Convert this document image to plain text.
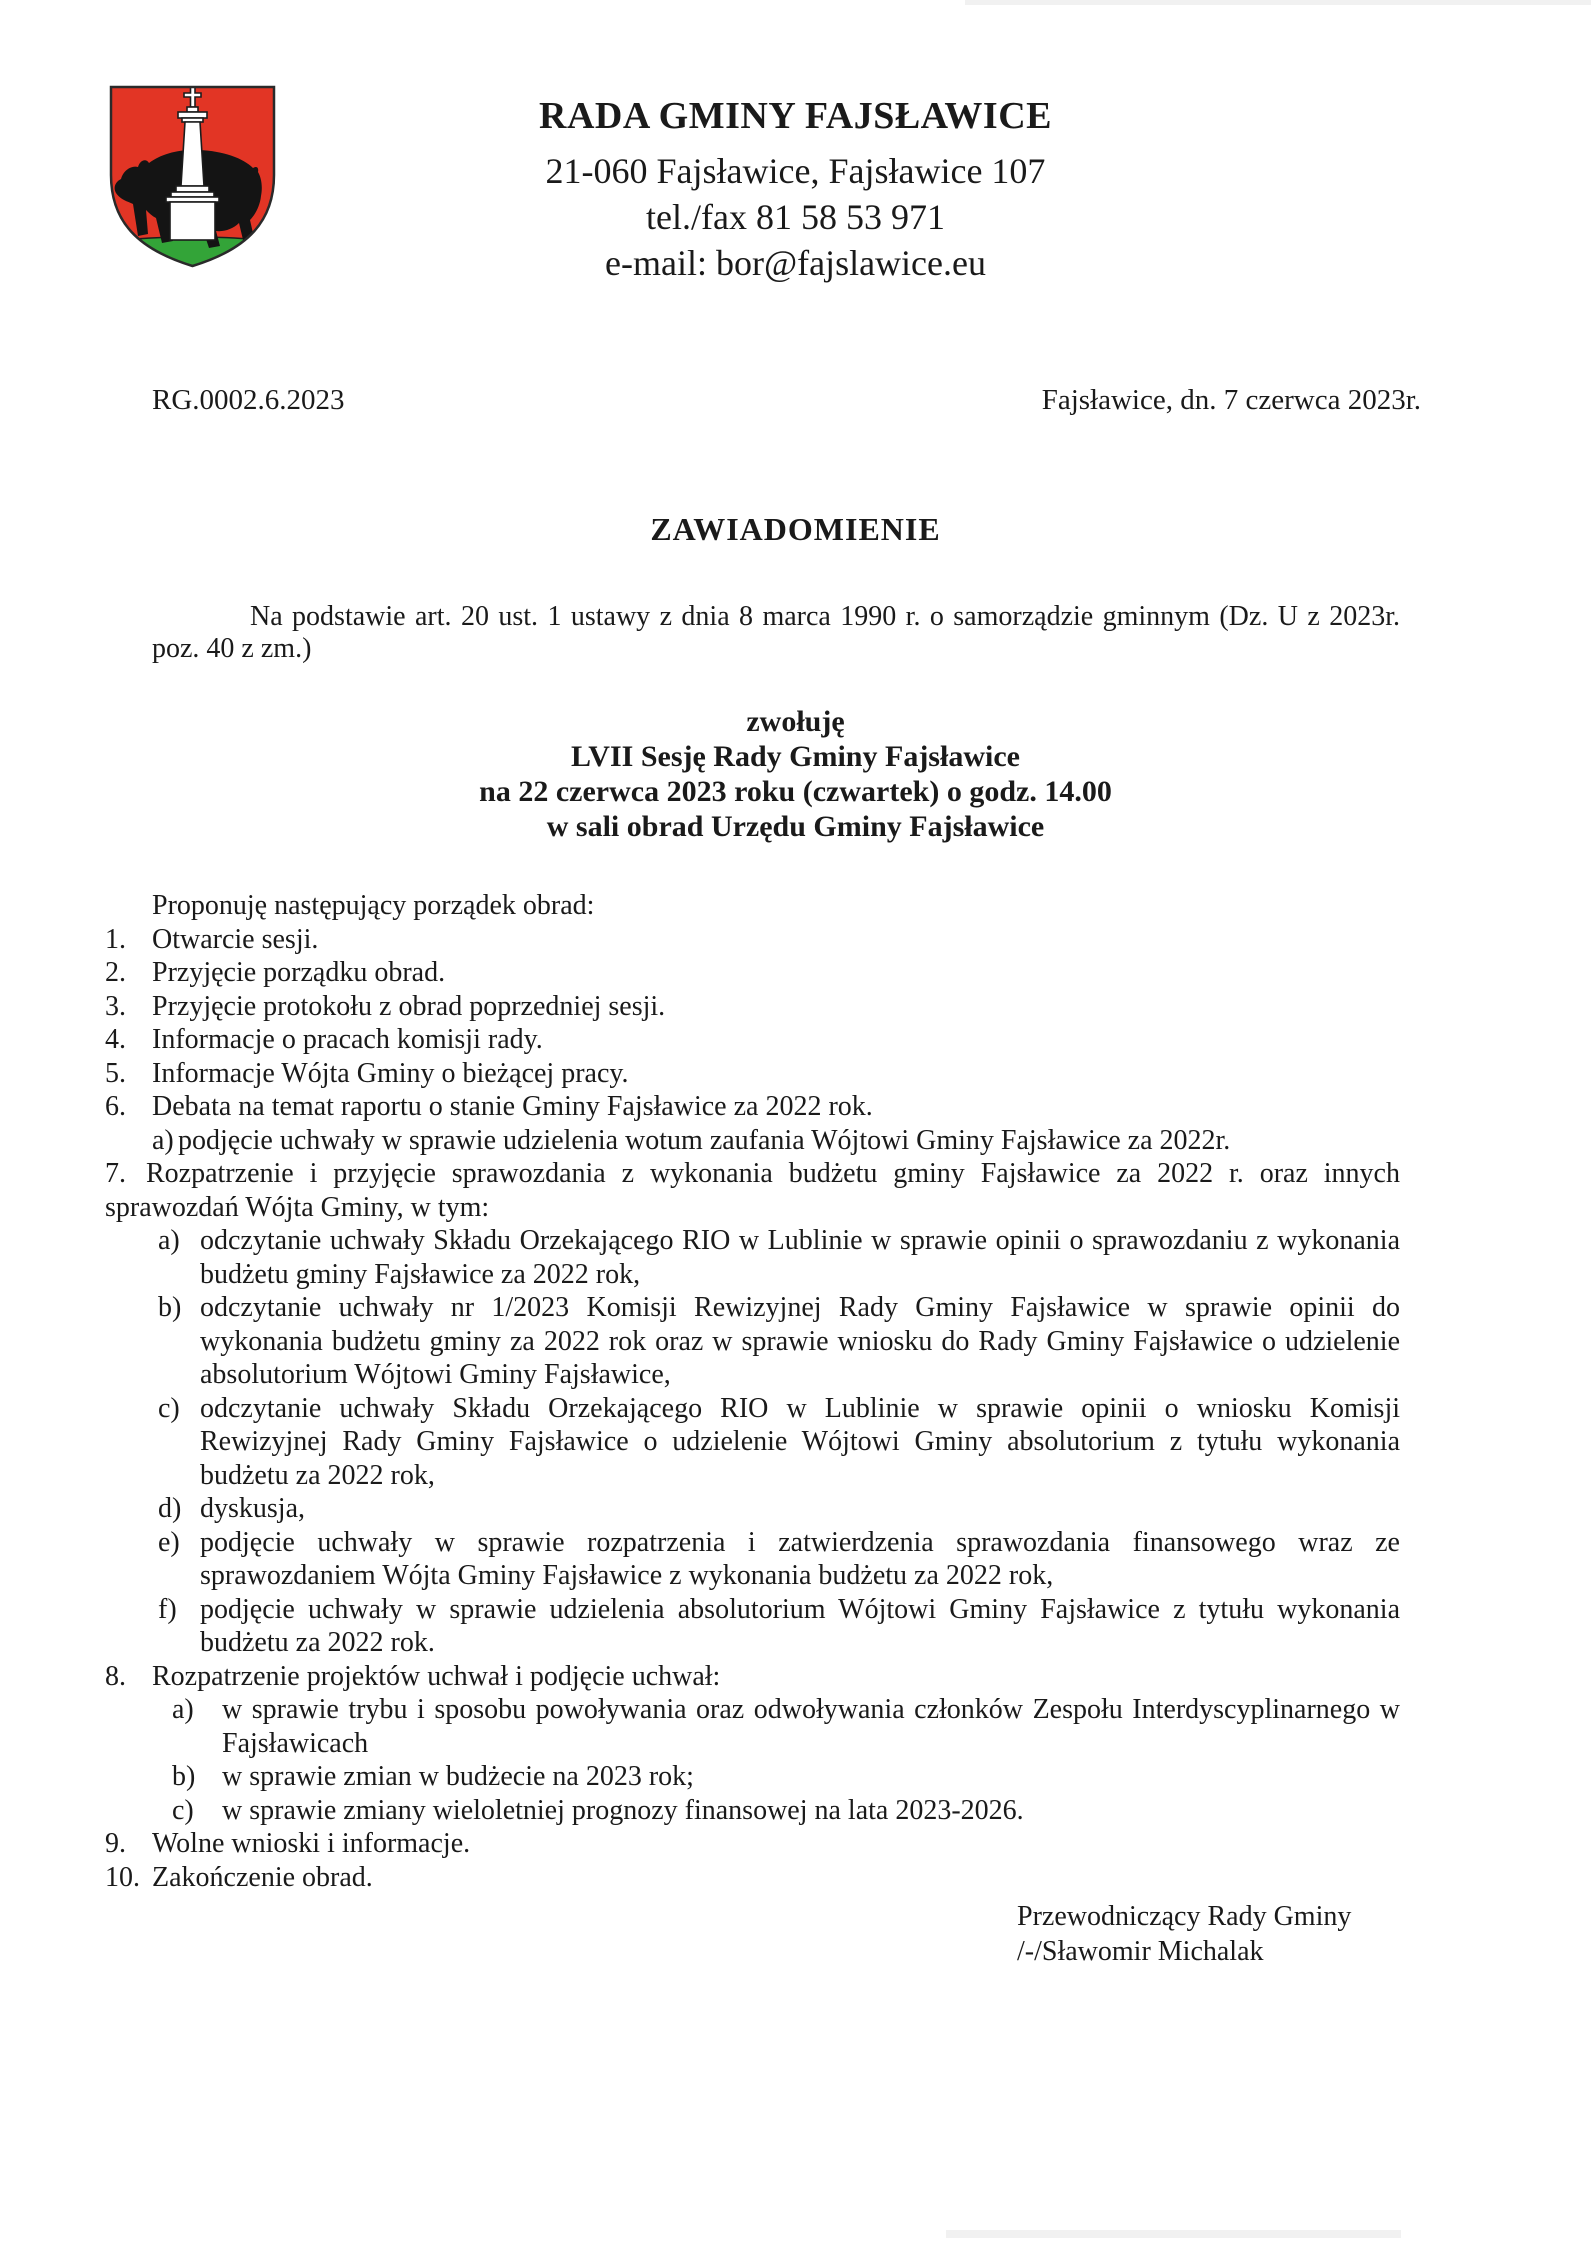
RADA GMINY FAJSŁAWICE
21-060 Fajsławice, Fajsławice 107
tel./fax 81 58 53 971
e-mail: bor@fajslawice.eu
RG.0002.6.2023	Fajsławice, dn. 7 czerwca 2023r.
ZAWIADOMIENIE
Na podstawie art. 20 ust. 1 ustawy z dnia 8 marca 1990 r. o samorządzie gminnym (Dz. U z 2023r. poz. 40 z zm.)
zwołuję
LVII Sesję Rady Gminy Fajsławice
na 22 czerwca 2023 roku (czwartek) o godz. 14.00
w sali obrad Urzędu Gminy Fajsławice
Proponuję następujący porządek obrad:
1. Otwarcie sesji.
2. Przyjęcie porządku obrad.
3. Przyjęcie protokołu z obrad poprzedniej sesji.
4. Informacje o pracach komisji rady.
5. Informacje Wójta Gminy o bieżącej pracy.
6. Debata na temat raportu o stanie Gminy Fajsławice za 2022 rok.
a) podjęcie uchwały w sprawie udzielenia wotum zaufania Wójtowi Gminy Fajsławice za 2022r.
7. Rozpatrzenie i przyjęcie sprawozdania z wykonania budżetu gminy Fajsławice za 2022 r. oraz innych sprawozdań Wójta Gminy, w tym:
a) odczytanie uchwały Składu Orzekającego RIO w Lublinie w sprawie opinii o sprawozdaniu z wykonania budżetu gminy Fajsławice za 2022 rok,
b) odczytanie uchwały nr 1/2023 Komisji Rewizyjnej Rady Gminy Fajsławice w sprawie opinii do wykonania budżetu gminy za 2022 rok oraz w sprawie wniosku do Rady Gminy Fajsławice o udzielenie absolutorium Wójtowi Gminy Fajsławice,
c) odczytanie uchwały Składu Orzekającego RIO w Lublinie w sprawie opinii o wniosku Komisji Rewizyjnej Rady Gminy Fajsławice o udzielenie Wójtowi Gminy absolutorium z tytułu wykonania budżetu za 2022 rok,
d) dyskusja,
e) podjęcie uchwały w sprawie rozpatrzenia i zatwierdzenia sprawozdania finansowego wraz ze sprawozdaniem Wójta Gminy Fajsławice z wykonania budżetu za 2022 rok,
f) podjęcie uchwały w sprawie udzielenia absolutorium Wójtowi Gminy Fajsławice z tytułu wykonania budżetu za 2022 rok.
8. Rozpatrzenie projektów uchwał i podjęcie uchwał:
a)	w sprawie trybu i sposobu powoływania oraz odwoływania członków Zespołu Interdyscyplinarnego w Fajsławicach
b) w sprawie zmian w budżecie na 2023 rok;
c)	w sprawie zmiany wieloletniej prognozy finansowej na lata 2023-2026.
9. Wolne wnioski i informacje.
10. Zakończenie obrad.
Przewodniczący Rady Gminy
/-/Sławomir Michalak
